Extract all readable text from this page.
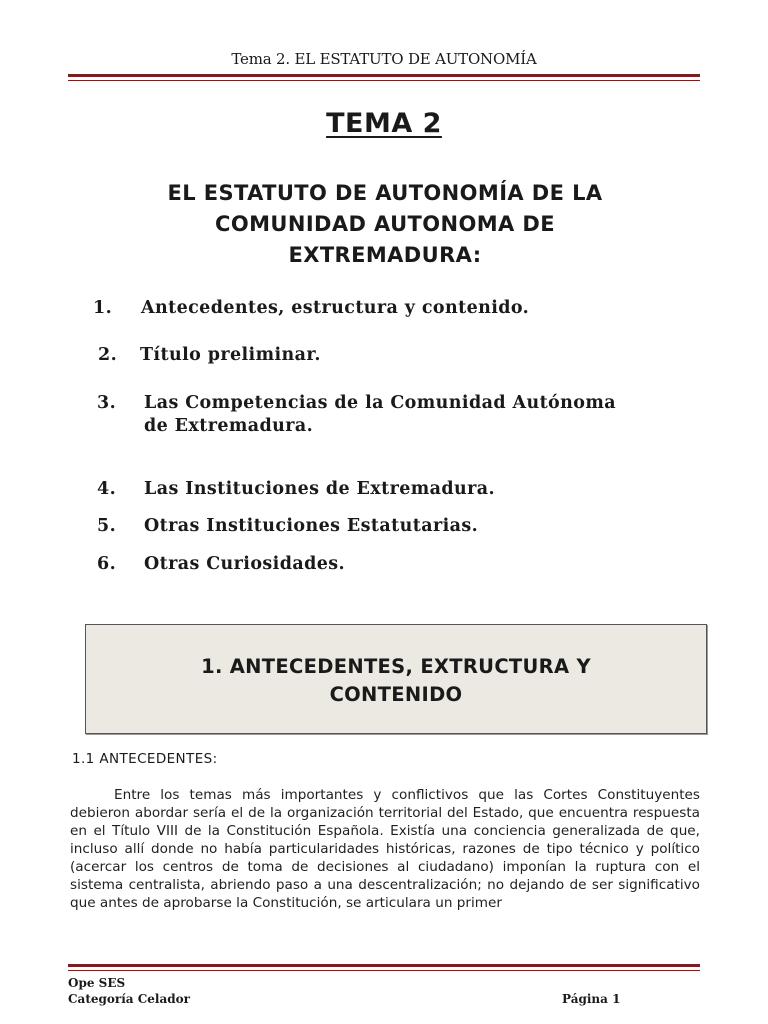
Tema 2. EL ESTATUTO DE AUTONOMÍA
TEMA 2
EL ESTATUTO DE AUTONOMÍA DE LA
COMUNIDAD AUTONOMA DE
EXTREMADURA:
1. Antecedentes, estructura y contenido.
2. Título preliminar.
3. Las Competencias de la Comunidad Autónoma
de Extremadura.
4. Las Instituciones de Extremadura.
5. Otras Instituciones Estatutarias.
6. Otras Curiosidades.
1. ANTECEDENTES, EXTRUCTURA Y
CONTENIDO
1.1 ANTECEDENTES:
Entre los temas más importantes y conflictivos que las Cortes Constituyentes debieron abordar sería el de la organización territorial del Estado, que encuentra respuesta en el Título VIII de la Constitución Española. Existía una conciencia generalizada de que, incluso allí donde no había particularidades históricas, razones de tipo técnico y político (acercar los centros de toma de decisiones al ciudadano) imponían la ruptura con el sistema centralista, abriendo paso a una descentralización; no dejando de ser significativo que antes de aprobarse la Constitución, se articulara un primer
Ope SES
Categoría Celador	Página 1
